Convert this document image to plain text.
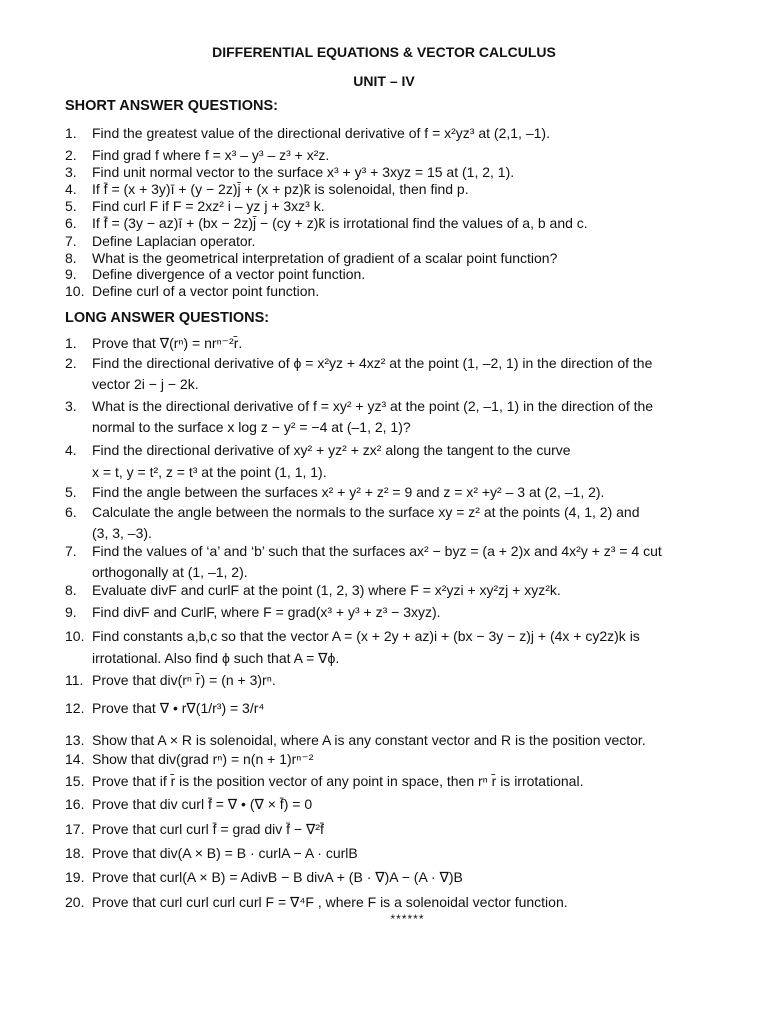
DIFFERENTIAL EQUATIONS & VECTOR CALCULUS
UNIT – IV
SHORT ANSWER QUESTIONS:
1. Find the greatest value of the directional derivative of f = x²yz³ at (2,1, –1).
2. Find grad f where f = x³ – y³ – z³ + x²z.
3. Find unit normal vector to the surface x³ + y³ + 3xyz = 15 at (1, 2, 1).
4. If f̄ = (x + 3y)ī + (y − 2z)j̄ + (x + pz)k̄ is solenoidal, then find p.
5. Find curl F if F = 2xz² i – yz j + 3xz³ k.
6. If f̄ = (3y − az)ī + (bx − 2z)j̄ − (cy + z)k̄ is irrotational find the values of a, b and c.
7. Define Laplacian operator.
8. What is the geometrical interpretation of gradient of a scalar point function?
9. Define divergence of a vector point function.
10. Define curl of a vector point function.
LONG ANSWER QUESTIONS:
1. Prove that ∇(rⁿ) = nrⁿ⁻²r̄.
2. Find the directional derivative of ϕ = x²yz + 4xz² at the point (1, –2, 1) in the direction of the
vector 2i − j − 2k.
3. What is the directional derivative of f = xy² + yz³ at the point (2, –1, 1) in the direction of the
normal to the surface x log z − y² = −4 at (–1, 2, 1)?
4. Find the directional derivative of xy² + yz² + zx² along the tangent to the curve
x = t, y = t², z = t³ at the point (1, 1, 1).
5. Find the angle between the surfaces x² + y² + z² = 9 and z = x² +y² – 3 at (2, –1, 2).
6. Calculate the angle between the normals to the surface xy = z² at the points (4, 1, 2) and
(3, 3, –3).
7. Find the values of ‘a’ and ‘b’ such that the surfaces ax² − byz = (a + 2)x and 4x²y + z³ = 4 cut
orthogonally at (1, –1, 2).
8. Evaluate divF and curlF at the point (1, 2, 3) where F = x²yzi + xy²zj + xyz²k.
9. Find divF and CurlF, where F = grad(x³ + y³ + z³ − 3xyz).
10. Find constants a,b,c so that the vector A = (x + 2y + az)i + (bx − 3y − z)j + (4x + cy2z)k is
irrotational. Also find ϕ such that A = ∇ϕ.
11. Prove that div(rⁿ r̄) = (n + 3)rⁿ.
12. Prove that ∇ • r∇(1/r³) = 3/r⁴
13. Show that A × R is solenoidal, where A is any constant vector and R is the position vector.
14. Show that div(grad rⁿ) = n(n + 1)rⁿ⁻²
15. Prove that if r̄ is the position vector of any point in space, then rⁿ r̄ is irrotational.
16. Prove that div curl f̄ = ∇ • (∇ × f̄) = 0
17. Prove that curl curl f̄ = grad div f̄ − ∇²f̄
18. Prove that div(A × B) = B · curlA − A · curlB
19. Prove that curl(A × B) = AdivB − B divA + (B · ∇)A − (A · ∇)B
20. Prove that curl curl curl curl F = ∇⁴F , where F is a solenoidal vector function.
******
